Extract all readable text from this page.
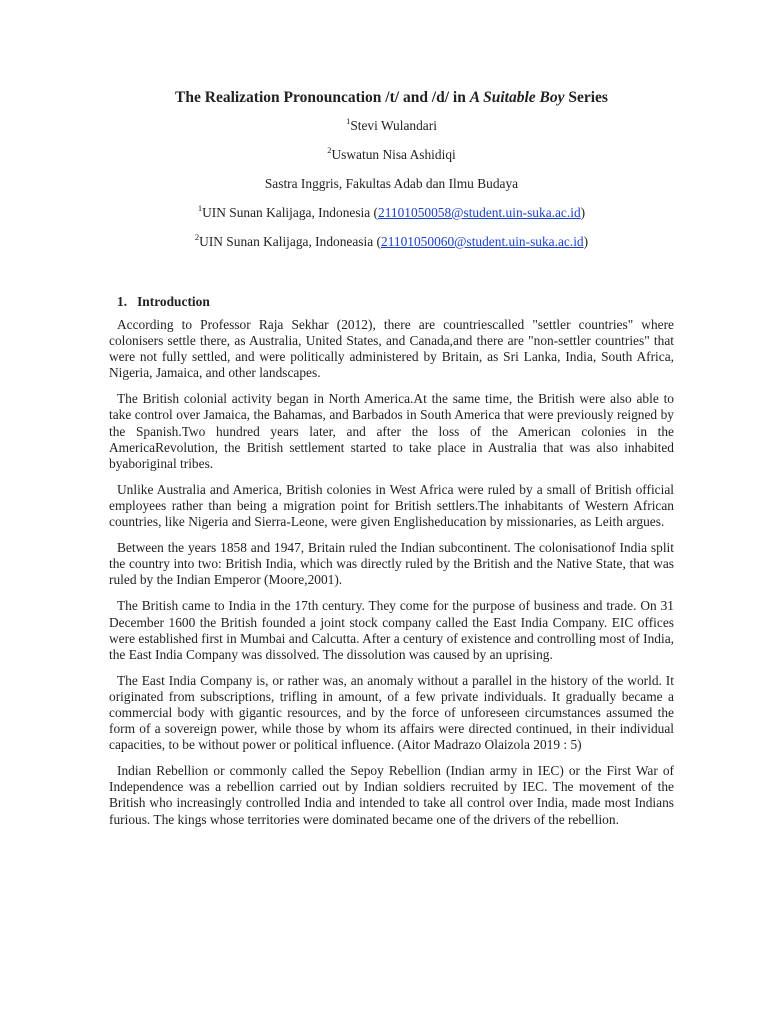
The Realization Pronouncation /t/ and /d/ in A Suitable Boy Series
$^1$Stevi Wulandari
$^2$Uswatun Nisa Ashidiqi
Sastra Inggris, Fakultas Adab dan Ilmu Budaya
$^1$UIN Sunan Kalijaga, Indonesia (21101050058@student.uin-suka.ac.id)
$^2$UIN Sunan Kalijaga, Indoneasia (21101050060@student.uin-suka.ac.id)
1. Introduction

According to Professor Raja Sekhar (2012), there are countriescalled "settler countries" where colonisers settle there, as Australia, United States, and Canada,and there are "non-settler countries" that were not fully settled, and were politically administered by Britain, as Sri Lanka, India, South Africa, Nigeria, Jamaica, and other landscapes.

The British colonial activity began in North America.At the same time, the British were also able to take control over Jamaica, the Bahamas, and Barbados in South America that were previously reigned by the Spanish.Two hundred years later, and after the loss of the American colonies in the AmericaRevolution, the British settlement started to take place in Australia that was also inhabited byaboriginal tribes.

Unlike Australia and America, British colonies in West Africa were ruled by a small of British official employees rather than being a migration point for British settlers.The inhabitants of Western African countries, like Nigeria and Sierra-Leone, were given Englisheducation by missionaries, as Leith argues.

Between the years 1858 and 1947, Britain ruled the Indian subcontinent. The colonisationof India split the country into two: British India, which was directly ruled by the British and the Native State, that was ruled by the Indian Emperor (Moore,2001).

The British came to India in the 17th century. They come for the purpose of business and trade. On 31 December 1600 the British founded a joint stock company called the East India Company. EIC offices were established first in Mumbai and Calcutta. After a century of existence and controlling most of India, the East India Company was dissolved. The dissolution was caused by an uprising.

The East India Company is, or rather was, an anomaly without a parallel in the history of the world. It originated from subscriptions, trifling in amount, of a few private individuals. It gradually became a commercial body with gigantic resources, and by the force of unforeseen circumstances assumed the form of a sovereign power, while those by whom its affairs were directed continued, in their individual capacities, to be without power or political influence. (Aitor Madrazo Olaizola 2019 : 5)

Indian Rebellion or commonly called the Sepoy Rebellion (Indian army in IEC) or the First War of Independence was a rebellion carried out by Indian soldiers recruited by IEC. The movement of the British who increasingly controlled India and intended to take all control over India, made most Indians furious. The kings whose territories were dominated became one of the drivers of the rebellion.
